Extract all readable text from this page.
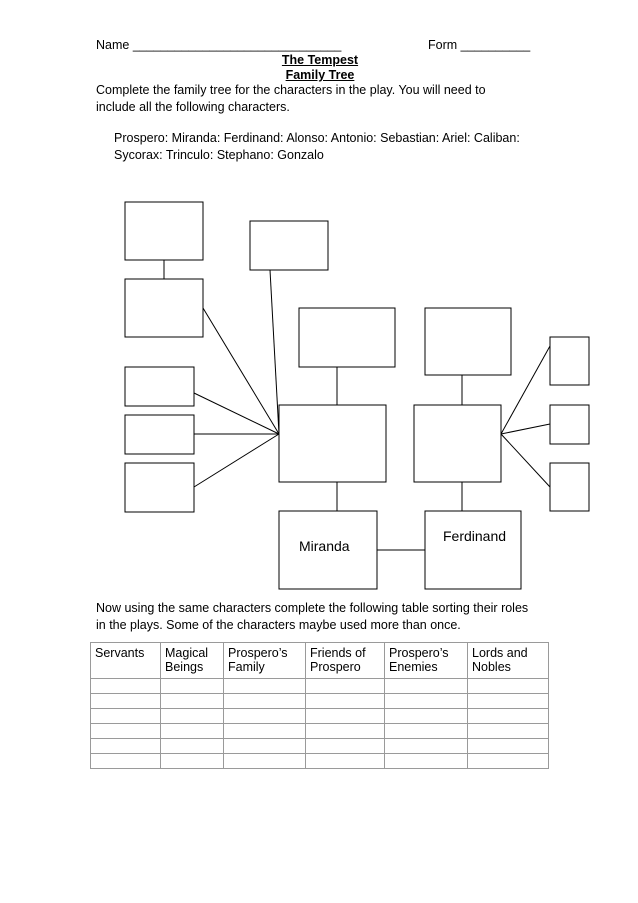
Name ______________________________	Form __________
The Tempest
Family Tree
Complete the family tree for the characters in the play. You will need to include all the following characters.
Prospero: Miranda: Ferdinand: Alonso: Antonio: Sebastian: Ariel: Caliban:
Sycorax: Trinculo: Stephano: Gonzalo
Miranda
Ferdinand
Now using the same characters complete the following table sorting their roles in the plays. Some of the characters maybe used more than once.
Servants	Magical Beings	Prospero’s Family	Friends of Prospero	Prospero’s Enemies	Lords and Nobles
